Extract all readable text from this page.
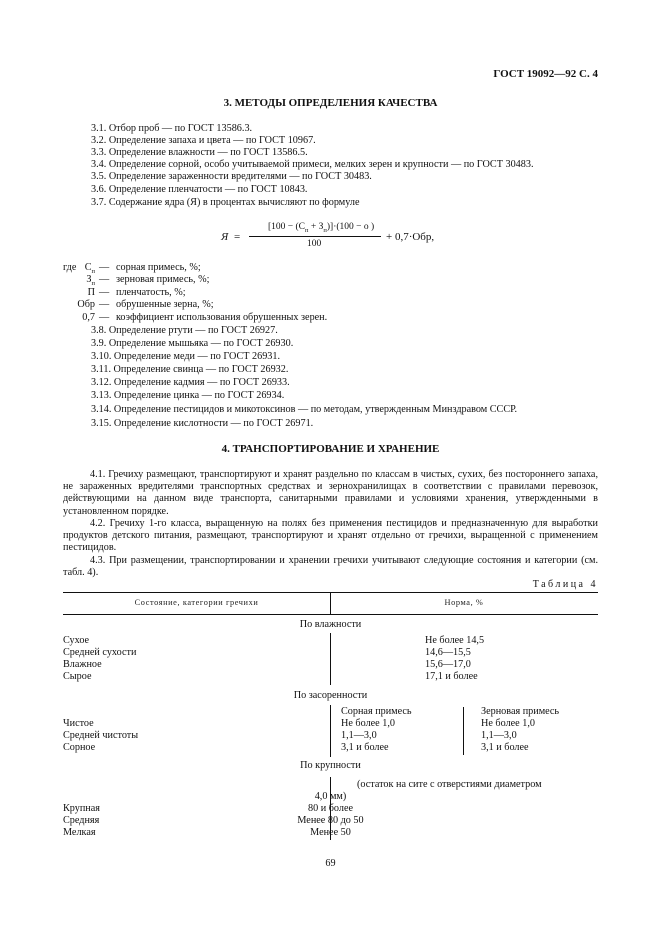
ГОСТ 19092—92 С. 4
3. МЕТОДЫ ОПРЕДЕЛЕНИЯ КАЧЕСТВА
3.1. Отбор проб — по ГОСТ 13586.3.
3.2. Определение запаха и цвета — по ГОСТ 10967.
3.3. Определение влажности — по ГОСТ 13586.5.
3.4. Определение сорной, особо учитываемой примеси, мелких зерен и крупности — по ГОСТ 30483.
3.5. Определение зараженности вредителями — по ГОСТ 30483.
3.6. Определение пленчатости — по ГОСТ 10843.
3.7. Содержание ядра (Я) в процентах вычисляют по формуле
Я =
$[100 - (С_п + З_п)]\cdot(100 - о$ )
100
+ 0,7·Обр,
где $С_п$ — сорная примесь, %;
$З_п$ — зерновая примесь, %;
П — пленчатость, %;
Обр — обрушенные зерна, %;
0,7 — коэффициент использования обрушенных зерен.
3.8. Определение ртути — по ГОСТ 26927.
3.9. Определение мышьяка — по ГОСТ 26930.
3.10. Определение меди — по ГОСТ 26931.
3.11. Определение свинца — по ГОСТ 26932.
3.12. Определение кадмия — по ГОСТ 26933.
3.13. Определение цинка — по ГОСТ 26934.
3.14. Определение пестицидов и микотоксинов — по методам, утвержденным Минздравом СССР.
3.15. Определение кислотности — по ГОСТ 26971.
4. ТРАНСПОРТИРОВАНИЕ И ХРАНЕНИЕ
4.1. Гречиху размещают, транспортируют и хранят раздельно по классам в чистых, сухих, без постороннего запаха, не зараженных вредителями транспортных средствах и зернохранилищах в соответствии с правилами перевозок, действующими на данном виде транспорта, санитарными правилами и условиями хранения, утвержденными в установленном порядке.
4.2. Гречиху 1-го класса, выращенную на полях без применения пестицидов и предназначенную для выработки продуктов детского питания, размещают, транспортируют и хранят отдельно от гречихи, выращенной с применением пестицидов.
4.3. При размещении, транспортировании и хранении гречихи учитывают следующие состояния и категории (см. табл. 4).
Таблица 4
Состояние, категории гречихи	Норма, %
По влажности
Сухое	Не более 14,5
Средней сухости	14,6—15,5
Влажное	15,6—17,0
Сырое	17,1 и более
По засоренности
Сорная примесь	Зерновая примесь
Чистое	Не более 1,0	Не более 1,0
Средней чистоты	1,1—3,0	1,1—3,0
Сорное	3,1 и более	3,1 и более
По крупности
(остаток на сите с отверстиями диаметром
4,0 мм)
Крупная	80 и более
Средняя	Менее 80 до 50
Мелкая	Менее 50
69
